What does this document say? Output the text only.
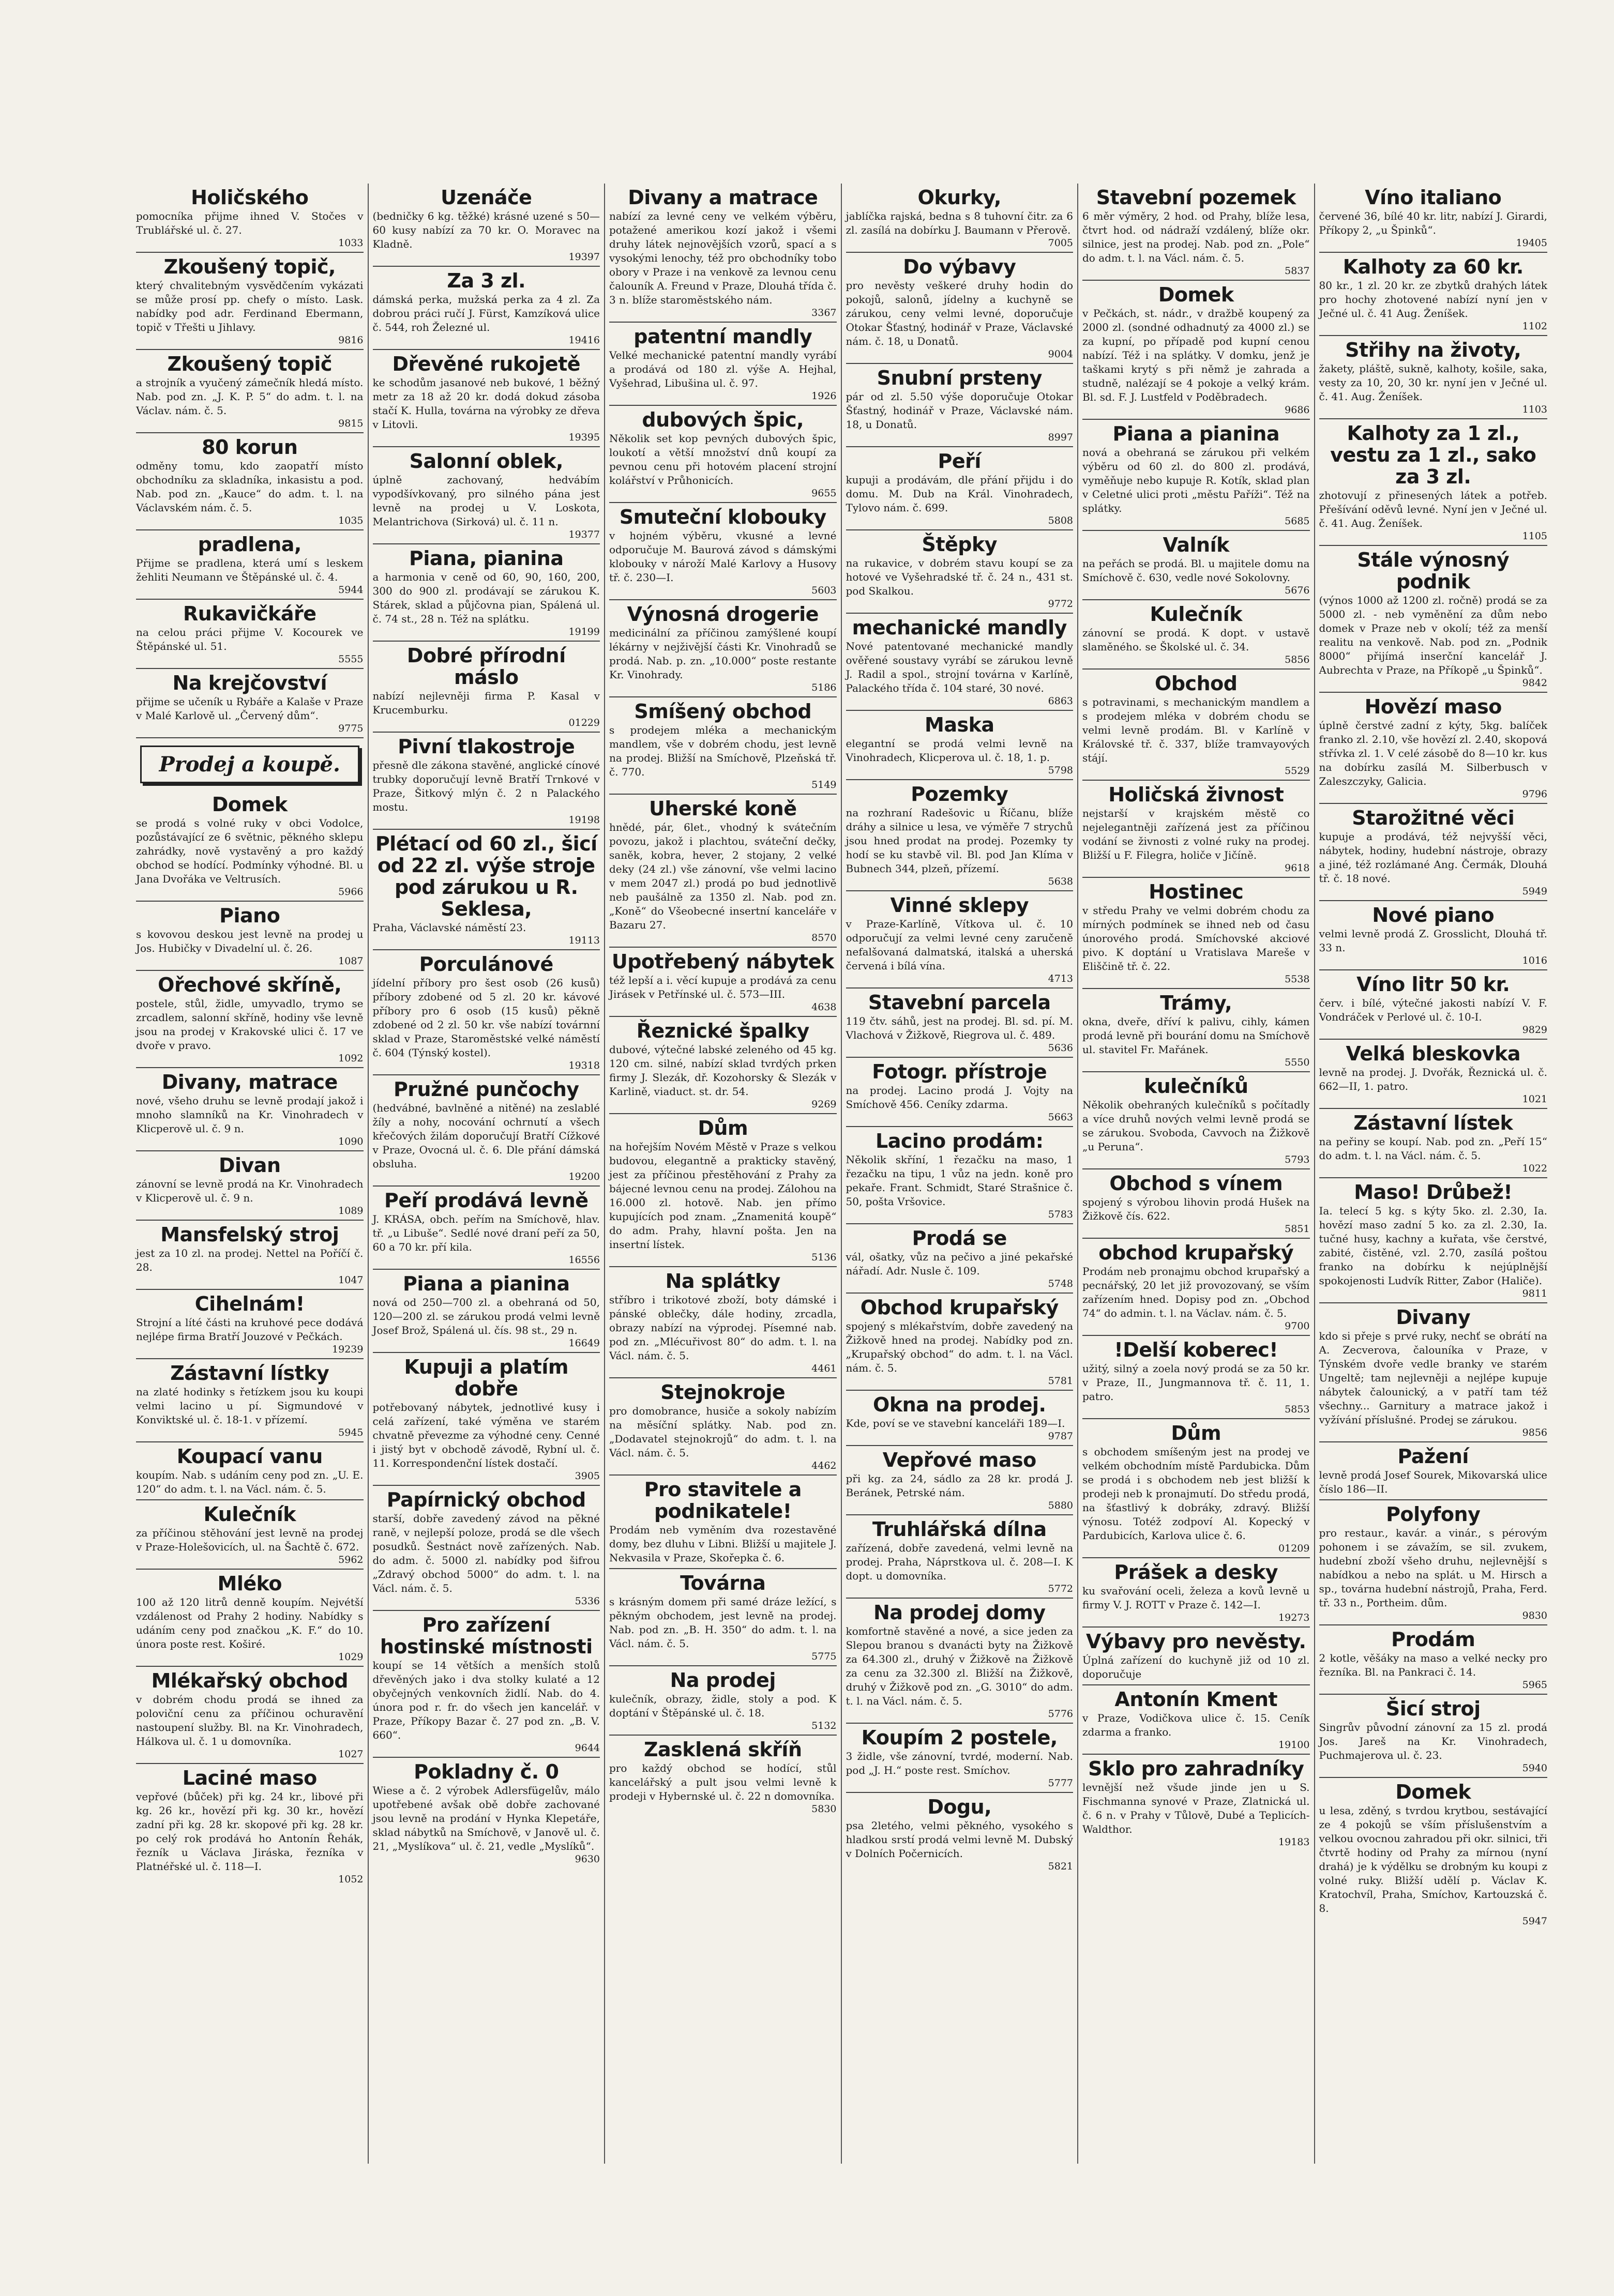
Holičského

pomocníka přijme ihned V. Stočes v Trublářské ul. č. 27.

1033
Zkoušený topič,

který chvalitebným vysvědčením vykázati se může prosí pp. chefy o místo. Lask. nabídky pod adr. Ferdinand Ebermann, topič v Třešti u Jihlavy.

9816
Zkoušený topič

a strojník a vyučený zámečník hledá místo. Nab. pod zn. „J. K. P. 5“ do adm. t. l. na Václav. nám. č. 5.

9815
80 korun

odměny tomu, kdo zaopatří místo obchodníku za skladníka, inkasistu a pod. Nab. pod zn. „Kauce“ do adm. t. l. na Václavském nám. č. 5.

1035
pradlena,

Přijme se pradlena, která umí s leskem žehliti Neumann ve Štěpánské ul. č. 4.

5944
Rukavičkáře

na celou práci přijme V. Kocourek ve Štěpánské ul. 51.

5555
Na krejčovství

přijme se učeník u Rybáře a Kalaše v Praze v Malé Karlově ul. „Červený dům“.

9775
Prodej a koupě.
Domek

se prodá s volné ruky v obci Vodolce, pozůstávající ze 6 světnic, pěkného sklepu zahrádky, nově vystavěný a pro každý obchod se hodící. Podmínky výhodné. Bl. u Jana Dvořáka ve Veltrusích.

5966
Piano

s kovovou deskou jest levně na prodej u Jos. Hubičky v Divadelní ul. č. 26.

1087
Ořechové skříně,

postele, stůl, židle, umyvadlo, trymo se zrcadlem, salonní skříně, hodiny vše levně jsou na prodej v Krakovské ulici č. 17 ve dvoře v pravo.

1092
Divany, matrace

nové, všeho druhu se levně prodají jakož i mnoho slamníků na Kr. Vinohradech v Klicperově ul. č. 9 n.

1090
Divan

zánovní se levně prodá na Kr. Vinohradech v Klicperově ul. č. 9 n.

1089
Mansfelský stroj

jest za 10 zl. na prodej. Nettel na Poříčí č. 28.

1047
Cihelnám!

Strojní a líté části na kruhové pece dodává nejlépe firma Bratří Jouzové v Pečkách.

19239
Zástavní lístky

na zlaté hodinky s řetízkem jsou ku koupi velmi lacino u pí. Sigmundové v Konviktské ul. č. 18-1. v přízemí.

5945
Koupací vanu

koupím. Nab. s udáním ceny pod zn. „U. E. 120“ do adm. t. l. na Václ. nám. č. 5.

Kulečník

za příčinou stěhování jest levně na prodej v Praze-Holešovicích, ul. na Šachtě č. 672.

5962
Mléko

100 až 120 litrů denně koupím. Nejvétší vzdálenost od Prahy 2 hodiny. Nabídky s udáním ceny pod značkou „K. F.“ do 10. února poste rest. Koširé.

1029
Mlékařský obchod

v dobrém chodu prodá se ihned za poloviční cenu za příčinou ochuravění nastoupení služby. Bl. na Kr. Vinohradech, Hálkova ul. č. 1 u domovníka.

1027
Laciné maso

vepřové (bůček) při kg. 24 kr., libové při kg. 26 kr., hovězí při kg. 30 kr., hovězí zadní při kg. 28 kr. skopové při kg. 28 kr. po celý rok prodává ho Antonín Řehák, řezník u Václava Jiráska, řezníka v Platnéřské ul. č. 118—I.

1052
Uzenáče

(bedničky 6 kg. těžké) krásné uzené s 50—60 kusy nabízí za 70 kr. O. Moravec na Kladně.

19397
Za 3 zl.

dámská perka, mužská perka za 4 zl. Za dobrou práci ručí J. Fürst, Kamzíková ulice č. 544, roh Železné ul.

19416
Dřevěné rukojetě

ke schodům jasanové neb bukové, 1 běžný metr za 18 až 20 kr. dodá dokud zásoba stačí K. Hulla, továrna na výrobky ze dřeva v Litovli.

19395
Salonní oblek,

úplně zachovaný, hedvábím vypodšívkovaný, pro silného pána jest levně na prodej u V. Loskota, Melantrichova (Sirková) ul. č. 11 n.

19377
Piana, pianina

a harmonia v ceně od 60, 90, 160, 200, 300 do 900 zl. prodávají se zárukou K. Stárek, sklad a půjčovna pian, Spálená ul. č. 74 st., 28 n. Též na splátku.

19199
Dobré přírodní máslo

nabízí nejlevněji firma P. Kasal v Krucemburku.

01229
Pivní tlakostroje

přesně dle zákona stavěné, anglické cínové trubky doporučují levně Bratří Trnkové v Praze, Šitkový mlýn č. 2 n Palackého mostu.

19198
Plétací od 60 zl., šicí od 22 zl. výše stroje pod zárukou u R. Seklesa,

Praha, Václavské náměstí 23.

19113
Porculánové

jídelní příbory pro šest osob (26 kusů) příbory zdobené od 5 zl. 20 kr. kávové příbory pro 6 osob (15 kusů) pěkně zdobené od 2 zl. 50 kr. vše nabízí továrnní sklad v Praze, Staroměstské velké náměstí č. 604 (Týnský kostel).

19318
Pružné punčochy

(hedvábné, bavlněné a nitěné) na zeslablé žíly a nohy, nocování ochrnutí a všech křečových žilám doporučují Bratří Cížkové v Praze, Ovocná ul. č. 6. Dle přání dámská obsluha.

19200
Peří prodává levně

J. KRÁSA, obch. peřím na Smíchově, hlav. tř. „u Libuše“. Sedlé nové draní peří za 50, 60 a 70 kr. pří kila.

16556
Piana a pianina

nová od 250—700 zl. a obehraná od 50, 120—200 zl. se zárukou prodá velmi levně Josef Brož, Spálená ul. čís. 98 st., 29 n.

16649
Kupuji a platím dobře

potřebovaný nábytek, jednotlivé kusy i celá zařízení, také výměna ve starém chvatně převezme za výhodné ceny. Cenné i jistý byt v obchodě závodě, Rybní ul. č. 11. Korrespondenční lístek dostačí.

3905
Papírnický obchod

starší, dobře zavedený závod na pěkné raně, v nejlepší poloze, prodá se dle všech posudků. Šestnáct nově zařízených. Nab. do adm. č. 5000 zl. nabídky pod šifrou „Zdravý obchod 5000“ do adm. t. l. na Václ. nám. č. 5.

5336
Pro zařízení hostinské místnosti

koupí se 14 větších a menších stolů dřevěných jako i dva stolky kulaté a 12 obyčejných venkovních židlí. Nab. do 4. února pod r. fr. do všech jen kancelář. v Praze, Příkopy Bazar č. 27 pod zn. „B. V. 660“.

9644
Pokladny č. 0

Wiese a č. 2 výrobek Adlersfügelův, málo upotřebené avšak obě dobře zachované jsou levně na prodání v Hynka Klepetáře, sklad nábytků na Smíchově, v Janově ul. č. 21, „Myslíkova“ ul. č. 21, vedle „Myslíků“.

9630
Divany a matrace

nabízí za levné ceny ve velkém výběru, potažené amerikou kozí jakož i všemi druhy látek nejnovějších vzorů, spací a s vysokými lenochy, též pro obchodníky tobo obory v Praze i na venkově za levnou cenu čalouník A. Freund v Praze, Dlouhá třída č. 3 n. blíže staroměstského nám.

3367
patentní mandly

Velké mechanické patentní mandly vyrábí a prodává od 180 zl. výše A. Hejhal, Vyšehrad, Libušina ul. č. 97.

1926
dubových špic,

Několik set kop pevných dubových špic, loukotí a větší množství dnů koupí za pevnou cenu při hotovém placení strojní kolářství v Průhonicích.

9655
Smuteční klobouky

v hojném výběru, vkusné a levné odporučuje M. Baurová závod s dámskými klobouky v nároží Malé Karlovy a Husovy tř. č. 230—I.

5603
Výnosná drogerie

medicinální za příčinou zamýšlené koupí lékárny v nejživější části Kr. Vinohradů se prodá. Nab. p. zn. „10.000“ poste restante Kr. Vinohrady.

5186
Smíšený obchod

s prodejem mléka a mechanickým mandlem, vše v dobrém chodu, jest levně na prodej. Bližší na Smíchově, Plzeňská tř. č. 770.

5149
Uherské koně

hnědé, pár, 6let., vhodný k svátečním povozu, jakož i plachtou, sváteční dečky, saněk, kobra, hever, 2 stojany, 2 velké deky (24 zl.) vše zánovní, vše velmi lacino v mem 2047 zl.) prodá po bud jednotlivě neb paušálně za 1350 zl. Nab. pod zn. „Koně“ do Všeobecné insertní kanceláře v Bazaru 27.

8570
Upotřebený nábytek

též lepší a i. věcí kupuje a prodává za cenu Jirásek v Petřínské ul. č. 573—III.

4638
Řeznické špalky

dubové, výtečné labské zeleného od 45 kg. 120 cm. silné, nabízí sklad tvrdých prken firmy J. Slezák, dř. Kozohorsky & Slezák v Karlině, viaduct. st. dr. 54.

9269
Dům

na hořejším Novém Městě v Praze s velkou budovou, elegantně a prakticky stavěný, jest za příčinou přestěhování z Prahy za bájecné levnou cenu na prodej. Zálohou na 16.000 zl. hotově. Nab. jen přímo kupujících pod znam. „Znamenitá koupě“ do adm. Prahy, hlavní pošta. Jen na insertní lístek.

5136
Na splátky

stříbro i trikotové zboží, boty dámské i pánské oblečky, dále hodiny, zrcadla, obrazy nabízí na výprodej. Písemné nab. pod zn. „Mlécuřivost 80“ do adm. t. l. na Václ. nám. č. 5.

4461
Stejnokroje

pro domobrance, husiče a sokoly nabízím na měsíční splátky. Nab. pod zn. „Dodavatel stejnokrojů“ do adm. t. l. na Václ. nám. č. 5.

4462
Pro stavitele a podnikatele!

Prodám neb vyměním dva rozestavěné domy, bez dluhu v Libni. Bližší u majitele J. Nekvasila v Praze, Skořepka č. 6.

Továrna

s krásným domem při samé dráze ležící, s pěkným obchodem, jest levně na prodej. Nab. pod zn. „B. H. 350“ do adm. t. l. na Václ. nám. č. 5.

5775
Na prodej

kulečník, obrazy, židle, stoly a pod. K doptání v Štěpánské ul. č. 18.

5132
Zasklená skříň

pro každý obchod se hodící, stůl kancelářský a pult jsou velmi levně k prodeji v Hybernské ul. č. 22 n domovníka.

5830
Okurky,

jablíčka rajská, bedna s 8 tuhovní čitr. za 6 zl. zasílá na dobírku J. Baumann v Přerově.

7005
Do výbavy

pro nevěsty veškeré druhy hodin do pokojů, salonů, jídelny a kuchyně se zárukou, ceny velmi levné, doporučuje Otokar Šťastný, hodinář v Praze, Václavské nám. č. 18, u Donatů.

9004
Snubní prsteny

pár od zl. 5.50 výše doporučuje Otokar Šťastný, hodinář v Praze, Václavské nám. 18, u Donatů.

8997
Peří

kupuji a prodávám, dle přání přijdu i do domu. M. Dub na Král. Vinohradech, Tylovo nám. č. 699.

5808
Štěpky

na rukavice, v dobrém stavu koupí se za hotové ve Vyšehradské tř. č. 24 n., 431 st. pod Skalkou.

9772
mechanické mandly

Nové patentované mechanické mandly ověřené soustavy vyrábí se zárukou levně J. Radil a spol., strojní továrna v Karlíně, Palackého třída č. 104 staré, 30 nové.

6863
Maska

elegantní se prodá velmi levně na Vinohradech, Klicperova ul. č. 18, 1. p.

5798
Pozemky

na rozhraní Radešovic u Říčanu, blíže dráhy a silnice u lesa, ve výměře 7 strychů jsou hned prodat na prodej. Pozemky ty hodí se ku stavbě vil. Bl. pod Jan Klíma v Bubnech 344, plzeň, přízemí.

5638
Vinné sklepy

v Praze-Karlíně, Vítkova ul. č. 10 odporučují za velmi levné ceny zaručeně nefalšovaná dalmatská, italská a uherská červená i bílá vína.

4713
Stavební parcela

119 čtv. sáhů, jest na prodej. Bl. sd. pí. M. Vlachová v Žižkově, Riegrova ul. č. 489.

5636
Fotogr. přístroje

na prodej. Lacino prodá J. Vojty na Smíchově 456. Ceníky zdarma.

5663
Lacino prodám:

Několik skříní, 1 řezačku na maso, 1 řezačku na tipu, 1 vůz na jedn. koně pro pekaře. Frant. Schmidt, Staré Strašnice č. 50, pošta Vršovice.

5783
Prodá se

vál, ošatky, vůz na pečivo a jiné pekařské nářadí. Adr. Nusle č. 109.

5748
Obchod krupařský

spojený s mlékařstvím, dobře zavedený na Žižkově hned na prodej. Nabídky pod zn. „Krupařský obchod“ do adm. t. l. na Václ. nám. č. 5.

5781
Okna na prodej.

Kde, poví se ve stavební kanceláři 189—I.

9787
Vepřové maso

při kg. za 24, sádlo za 28 kr. prodá J. Beránek, Petrské nám.

5880
Truhlářská dílna

zařízená, dobře zavedená, velmi levně na prodej. Praha, Náprstkova ul. č. 208—I. K dopt. u domovníka.

5772
Na prodej domy

komfortně stavěné a nové, a sice jeden za Slepou branou s dvanácti byty na Žižkově za 64.300 zl., druhý v Žižkově na Žižkově za cenu za 32.300 zl. Bližší na Žižkově, druhý v Žižkově pod zn. „G. 3010“ do adm. t. l. na Václ. nám. č. 5.

5776
Koupím 2 postele,

3 židle, vše zánovní, tvrdé, moderní. Nab. pod „J. H.“ poste rest. Smíchov.

5777
Dogu,

psa 2letého, velmi pěkného, vysokého s hladkou srstí prodá velmi levně M. Dubský v Dolních Počernicích.

5821
Stavební pozemek

6 měr výměry, 2 hod. od Prahy, blíže lesa, čtvrt hod. od nádraží vzdálený, blíže okr. silnice, jest na prodej. Nab. pod zn. „Pole“ do adm. t. l. na Václ. nám. č. 5.

5837
Domek

v Pečkách, st. nádr., v dražbě koupený za 2000 zl. (sondné odhadnutý za 4000 zl.) se za kupní, po případě pod kupní cenou nabízí. Též i na splátky. V domku, jenž je taškami krytý s při němž je zahrada a studně, nalézají se 4 pokoje a velký krám. Bl. sd. F. J. Lustfeld v Poděbradech.

9686
Piana a pianina

nová a obehraná se zárukou při velkém výběru od 60 zl. do 800 zl. prodává, vyměňuje nebo kupuje R. Kotík, sklad plan v Celetné ulici proti „městu Paříži“. Též na splátky.

5685
Valník

na peřách se prodá. Bl. u majitele domu na Smíchově č. 630, vedle nové Sokolovny.

5676
Kulečník

zánovní se prodá. K dopt. v ustavě slaměného. se Školské ul. č. 34.

5856
Obchod

s potravinami, s mechanickým mandlem a s prodejem mléka v dobrém chodu se velmi levně prodám. Bl. v Karlíně v Královské tř. č. 337, blíže tramvayových stájí.

5529
Holičská živnost

nejstarší v krajském městě co nejelegantněji zařízená jest za příčinou vodání se živnosti z volné ruky na prodej. Bližší u F. Filegra, holiče v Jičíně.

9618
Hostinec

v středu Prahy ve velmi dobrém chodu za mírných podmínek se ihned neb od času únorového prodá. Smíchovské akciové pivo. K doptání u Vratislava Mareše v Eliščině tř. č. 22.

5538
Trámy,

okna, dveře, dříví k palivu, cihly, kámen prodá levně při bourání domu na Smíchově ul. stavitel Fr. Mařánek.

5550
kulečníků

Několik obehraných kulečníků s počítadly a více druhů nových velmi levně prodá se se zárukou. Svoboda, Cavvoch na Žižkově „u Peruna“.

5793
Obchod s vínem

spojený s výrobou lihovin prodá Hušek na Žižkově čís. 622.

5851
obchod krupařský

Prodám neb pronajmu obchod krupařský a pecnářský, 20 let již provozovaný, se vším zařízením hned. Dopisy pod zn. „Obchod 74“ do admin. t. l. na Václav. nám. č. 5.

9700
!Delší koberec!

užitý, silný a zoela nový prodá se za 50 kr. v Praze, II., Jungmannova tř. č. 11, 1. patro.

5853
Dům

s obchodem smíšeným jest na prodej ve velkém obchodním místě Pardubicka. Dům se prodá i s obchodem neb jest bližší k prodeji neb k pronajmutí. Do středu prodá, na šťastlivý k dobráky, zdravý. Bližší výnosu. Totéž zodpoví Al. Kopecký v Pardubicích, Karlova ulice č. 6.

01209
Prášek a desky

ku svařování oceli, železa a kovů levně u firmy V. J. ROTT v Praze č. 142—I.

19273
Výbavy pro nevěsty.

Úplná zařízení do kuchyně již od 10 zl. doporučuje

Antonín Kment

v Praze, Vodičkova ulice č. 15. Ceník zdarma a franko.

19100
Sklo pro zahradníky

levnější než všude jinde jen u S. Fischmanna synové v Praze, Zlatnická ul. č. 6 n. v Prahy v Tůlově, Dubé a Teplicích-Waldthor.

19183
Víno italiano

červené 36, bílé 40 kr. litr, nabízí J. Girardi, Příkopy 2, „u Špinků“.

19405
Kalhoty za 60 kr.

80 kr., 1 zl. 20 kr. ze zbytků drahých látek pro hochy zhotovené nabízí nyní jen v Ječné ul. č. 41 Aug. Ženíšek.

1102
Střihy na životy,

žakety, pláště, sukně, kalhoty, košile, saka, vesty za 10, 20, 30 kr. nyní jen v Ječné ul. č. 41. Aug. Ženíšek.

1103
Kalhoty za 1 zl., vestu za 1 zl., sako za 3 zl.

zhotovují z přinesených látek a potřeb. Přešívání oděvů levné. Nyní jen v Ječné ul. č. 41. Aug. Ženíšek.

1105
Stále výnosný podnik

(výnos 1000 až 1200 zl. ročně) prodá se za 5000 zl. - neb vyměnění za dům nebo domek v Praze neb v okolí; též za menší realitu na venkově. Nab. pod zn. „Podnik 8000“ přijímá inserční kancelář J. Aubrechta v Praze, na Příkopě „u Špinků“.

9842
Hovězí maso

úplně čerstvé zadní z kýty, 5kg. balíček franko zl. 2.10, vše hovězí zl. 2.40, skopová střívka zl. 1. V celé zásobě do 8—10 kr. kus na dobírku zasílá M. Silberbusch v Zaleszczyky, Galicia.

9796
Starožitné věci

kupuje a prodává, též nejvyšší věci, nábytek, hodiny, hudební nástroje, obrazy a jiné, též rozlámané Ang. Čermák, Dlouhá tř. č. 18 nové.

5949
Nové piano

velmi levně prodá Z. Grosslicht, Dlouhá tř. 33 n.

1016
Víno litr 50 kr.

červ. i bílé, výtečné jakosti nabízí V. F. Vondráček v Perlové ul. č. 10-I.

9829
Velká bleskovka

levně na prodej. J. Dvořák, Řeznická ul. č. 662—II, 1. patro.

1021
Zástavní lístek

na peřiny se koupí. Nab. pod zn. „Peří 15“ do adm. t. l. na Václ. nám. č. 5.

1022
Maso! Drůbež!

Ia. telecí 5 kg. s kýty 5ko. zl. 2.30, Ia. hovězí maso zadní 5 ko. za zl. 2.30, Ia. tučné husy, kachny a kuřata, vše čerstvé, zabité, čistěné, vzl. 2.70, zasílá poštou franko na dobírku k nejúplnější spokojenosti Ludvík Ritter, Zabor (Haliče).

9811
Divany

kdo si přeje s prvé ruky, nechť se obrátí na A. Zecverova, čalouníka v Praze, v Týnském dvoře vedle branky ve starém Ungeltě; tam nejlevněji a nejlépe kupuje nábytek čalounický, a v patří tam též všechny... Garnitury a matrace jakož i vyžívání příslušné. Prodej se zárukou.

9856
Pažení

levně prodá Josef Sourek, Mikovarská ulice číslo 186—II.

Polyfony

pro restaur., kavár. a vinár., s pérovým pohonem i se závažím, se sil. zvukem, hudební zboží všeho druhu, nejlevnější s nabídkou a nebo na splát. u M. Hirsch a sp., továrna hudební nástrojů, Praha, Ferd. tř. 33 n., Portheim. dům.

9830
Prodám

2 kotle, věšáky na maso a velké necky pro řezníka. Bl. na Pankraci č. 14.

5965
Šicí stroj

Singrův původní zánovní za 15 zl. prodá Jos. Jareš na Kr. Vinohradech, Puchmajerova ul. č. 23.

5940
Domek

u lesa, zděný, s tvrdou krytbou, sestávající ze 4 pokojů se vším příslušenstvím a velkou ovocnou zahradou při okr. silnici, tři čtvrtě hodiny od Prahy za mírnou (nyní drahá) je k výdělku se drobným ku koupi z volné ruky. Bližší udělí p. Václav K. Kratochvíl, Praha, Smíchov, Kartouzská č. 8.

5947
